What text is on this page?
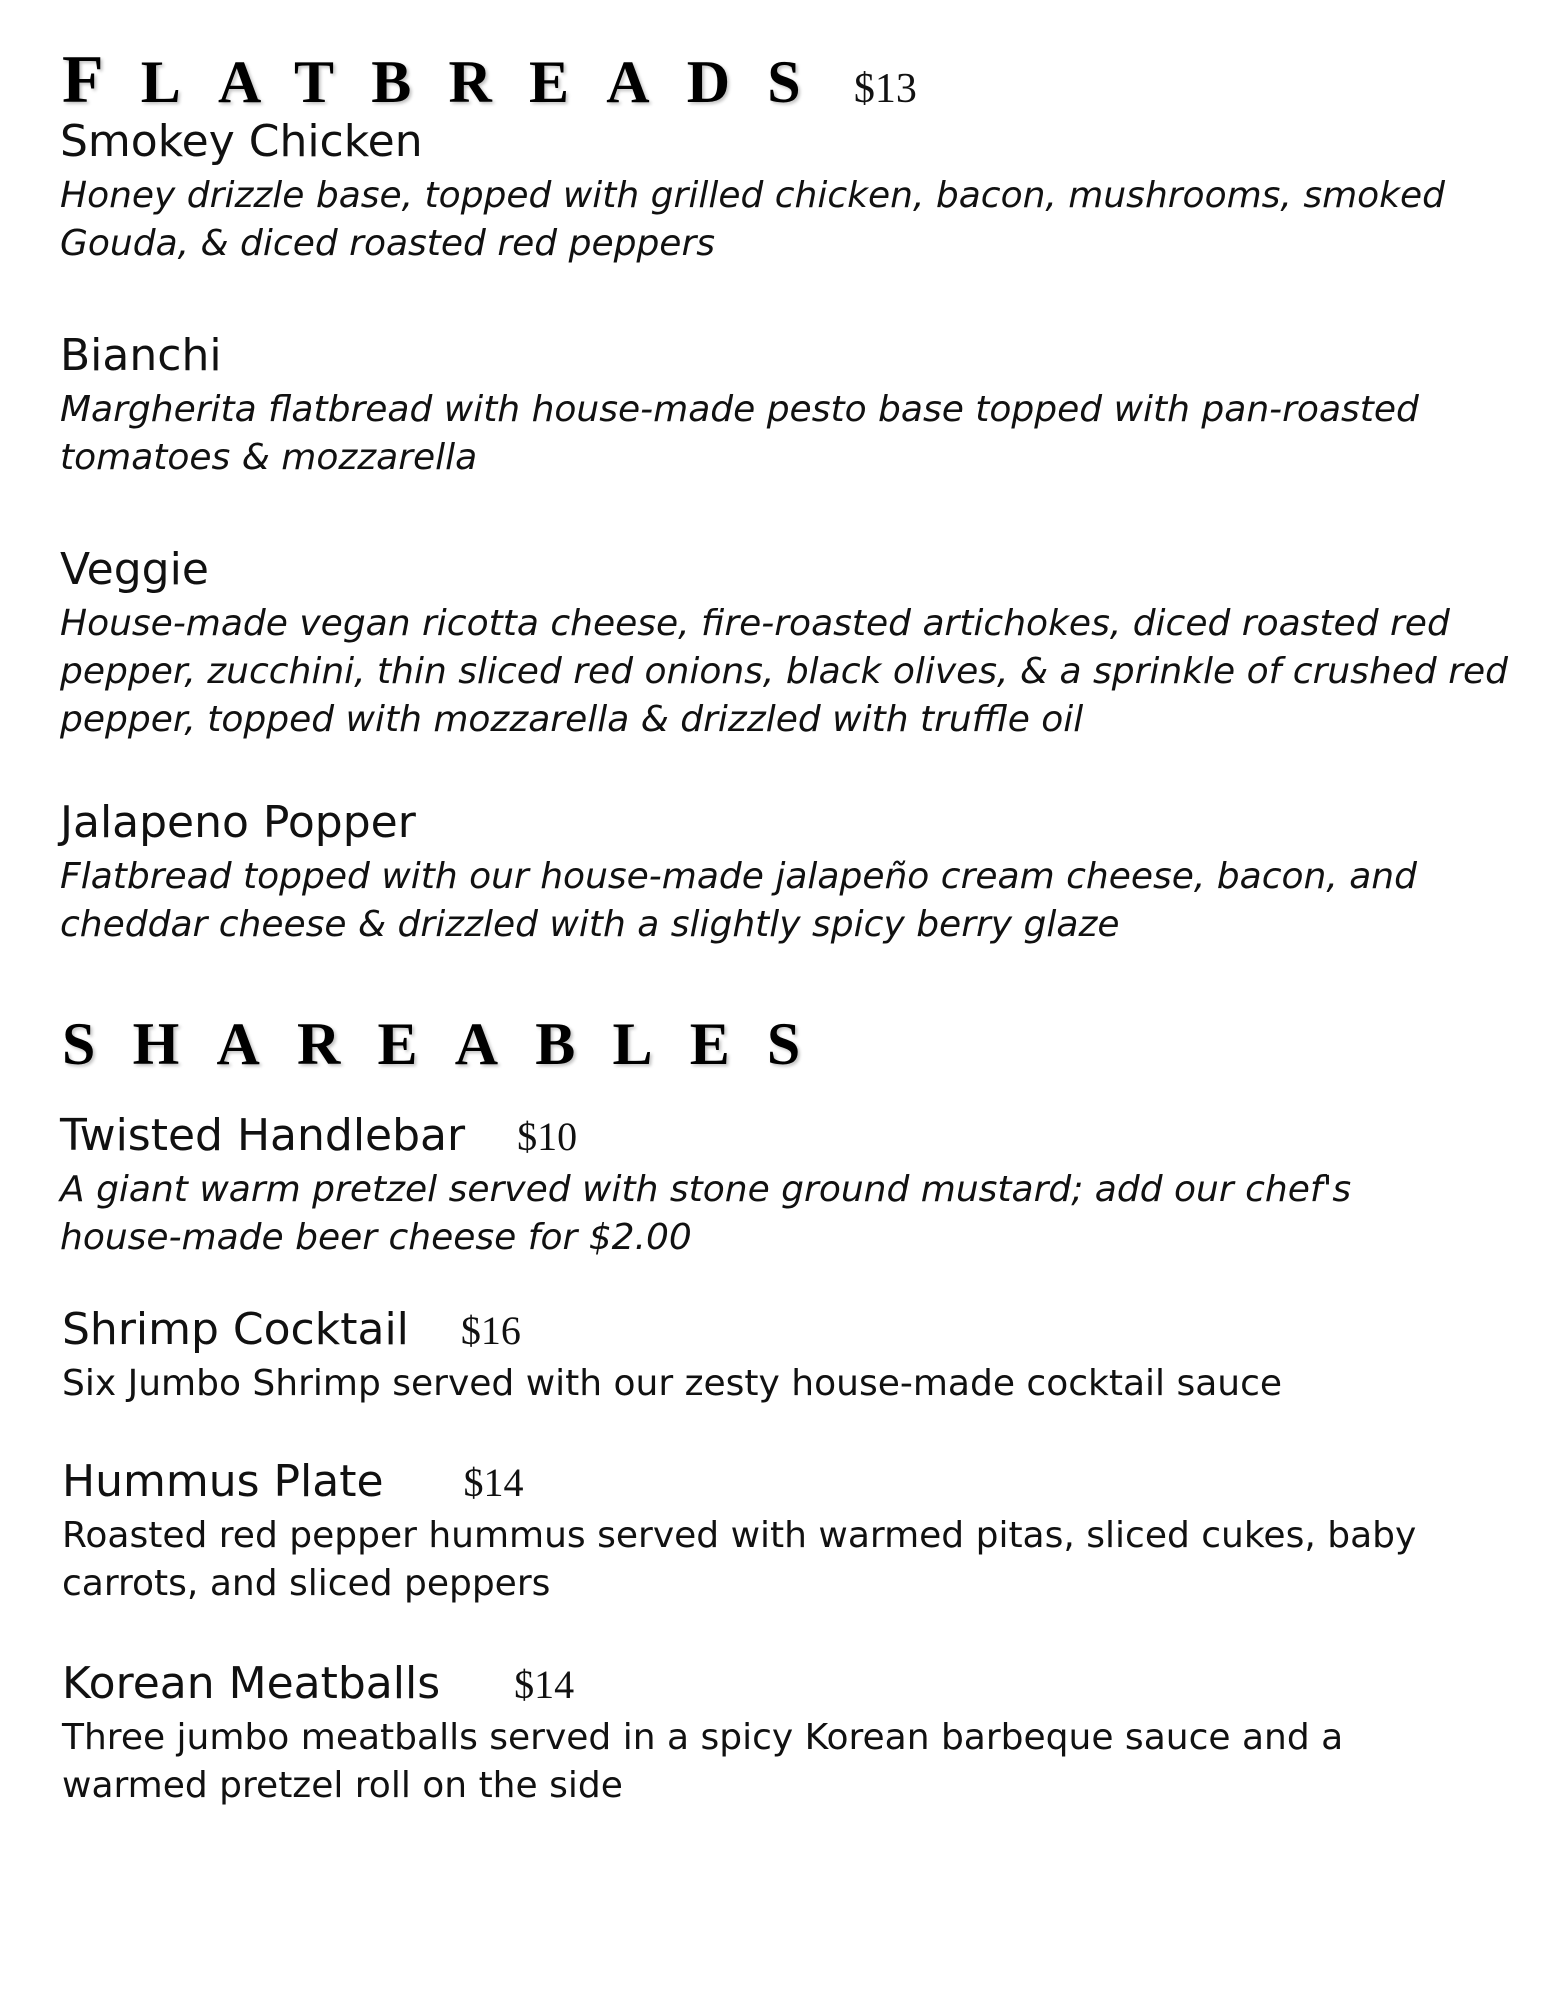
FLATBREADS $13
Smokey Chicken
Honey drizzle base, topped with grilled chicken, bacon, mushrooms, smoked Gouda, & diced roasted red peppers
Bianchi
Margherita flatbread with house-made pesto base topped with pan-roasted tomatoes & mozzarella
Veggie
House-made vegan ricotta cheese, fire-roasted artichokes, diced roasted red pepper, zucchini, thin sliced red onions, black olives, & a sprinkle of crushed red pepper, topped with mozzarella & drizzled with truffle oil
Jalapeno Popper
Flatbread topped with our house-made jalapeño cream cheese, bacon, and cheddar cheese & drizzled with a slightly spicy berry glaze
SHAREABLES
Twisted Handlebar $10
A giant warm pretzel served with stone ground mustard; add our chef's house-made beer cheese for $2.00
Shrimp Cocktail $16
Six Jumbo Shrimp served with our zesty house-made cocktail sauce
Hummus Plate $14
Roasted red pepper hummus served with warmed pitas, sliced cukes, baby carrots, and sliced peppers
Korean Meatballs $14
Three jumbo meatballs served in a spicy Korean barbeque sauce and a warmed pretzel roll on the side
